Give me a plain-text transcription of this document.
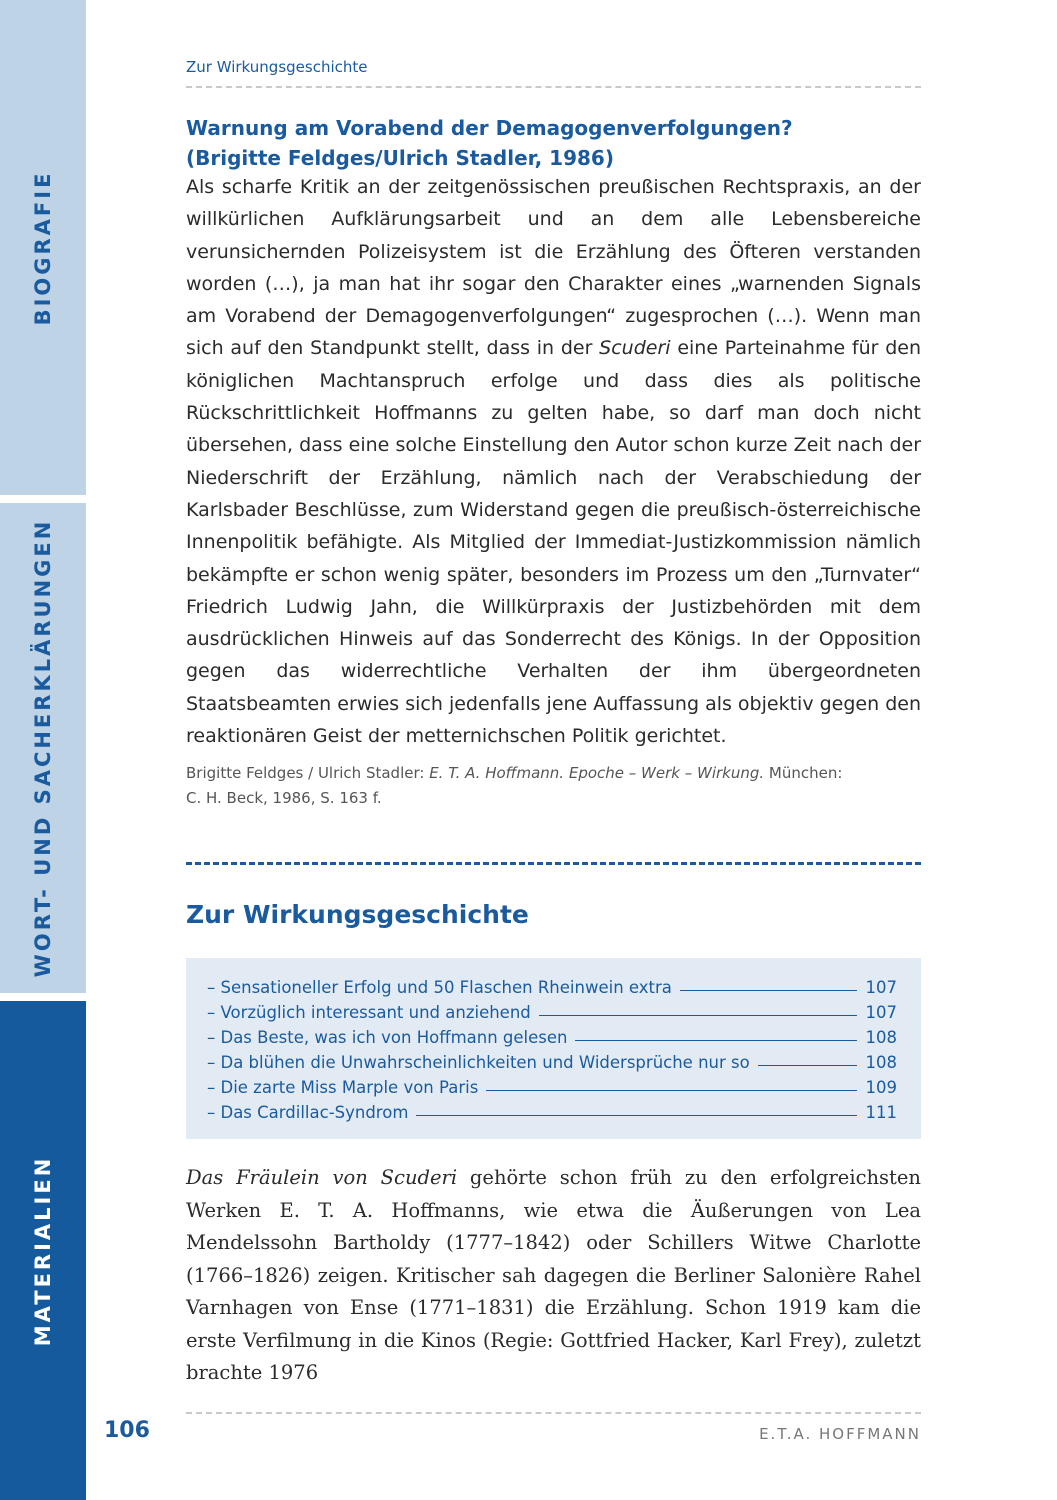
BIOGRAFIE
WORT- UND SACHERKLÄRUNGEN
MATERIALIEN
Zur Wirkungsgeschichte
Warnung am Vorabend der Demagogenverfolgungen?
(Brigitte Feldges/Ulrich Stadler, 1986)
Als scharfe Kritik an der zeitgenössischen preußischen Rechtspraxis, an der willkürlichen Aufklärungsarbeit und an dem alle Lebensbereiche verunsichernden Polizeisystem ist die Erzählung des Öfteren verstanden worden (…), ja man hat ihr sogar den Charakter eines „warnenden Signals am Vorabend der Demagogenverfolgungen“ zugesprochen (…). Wenn man sich auf den Standpunkt stellt, dass in der Scuderi eine Parteinahme für den königlichen Machtanspruch erfolge und dass dies als politische Rückschrittlichkeit Hoffmanns zu gelten habe, so darf man doch nicht übersehen, dass eine solche Einstellung den Autor schon kurze Zeit nach der Niederschrift der Erzählung, nämlich nach der Verabschiedung der Karlsbader Beschlüsse, zum Widerstand gegen die preußisch-österreichische Innenpolitik befähigte. Als Mitglied der Immediat-Justizkommission nämlich bekämpfte er schon wenig später, besonders im Prozess um den „Turnvater“ Friedrich Ludwig Jahn, die Willkürpraxis der Justizbehörden mit dem ausdrücklichen Hinweis auf das Sonderrecht des Königs. In der Opposition gegen das widerrechtliche Verhalten der ihm übergeordneten Staatsbeamten erwies sich jedenfalls jene Auffassung als objektiv gegen den reaktionären Geist der metternichschen Politik gerichtet.
Brigitte Feldges / Ulrich Stadler: E. T. A. Hoffmann. Epoche – Werk – Wirkung. München:
C. H. Beck, 1986, S. 163 f.
Zur Wirkungsgeschichte
– Sensationeller Erfolg und 50 Flaschen Rheinwein extra	107
– Vorzüglich interessant und anziehend	107
– Das Beste, was ich von Hoffmann gelesen	108
– Da blühen die Unwahrscheinlichkeiten und Widersprüche nur so	108
– Die zarte Miss Marple von Paris	109
– Das Cardillac-Syndrom	111
Das Fräulein von Scuderi gehörte schon früh zu den erfolgreichsten Werken E. T. A. Hoffmanns, wie etwa die Äußerungen von Lea Mendelssohn Bartholdy (1777–1842) oder Schillers Witwe Charlotte (1766–1826) zeigen. Kritischer sah dagegen die Berliner Salonière Rahel Varnhagen von Ense (1771–1831) die Erzählung. Schon 1919 kam die erste Verfilmung in die Kinos (Regie: Gottfried Hacker, Karl Frey), zuletzt brachte 1976
106	E.T.A. HOFFMANN
